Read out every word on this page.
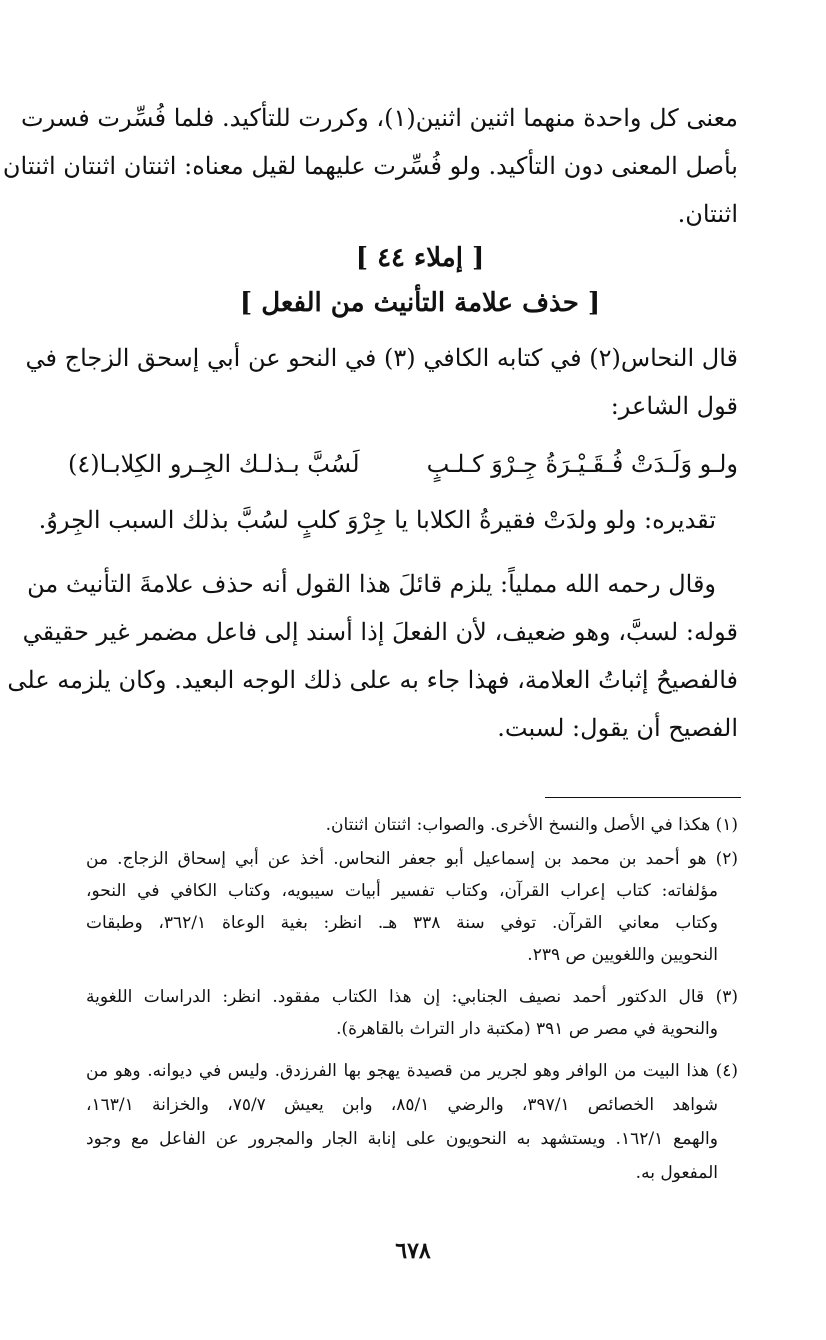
معنى كل واحدة منهما اثنين اثنين(١)، وكررت للتأكيد. فلما فُسِّرت فسرت
بأصل المعنى دون التأكيد. ولو فُسِّرت عليهما لقيل معناه: اثنتان اثنتان اثنتان
اثنتان.
[ إملاء ٤٤ ]
[ حذف علامة التأنيث من الفعل ]
قال النحاس(٢) في كتابه الكافي (٣) في النحو عن أبي إسحق الزجاج في
قول الشاعر:
ولـو وَلَـدَتْ فُـقَـيْـرَةُ جِـرْوَ كـلـبٍ
لَسُبَّ بـذلـك الجِـرو الكِلابـا(٤)
تقديره: ولو ولدَتْ فقيرةُ الكلابا يا جِرْوَ كلبٍ لسُبَّ بذلك السبب الجِروُ.
وقال رحمه الله مملياً: يلزم قائلَ هذا القول أنه حذف علامةَ التأنيث من
قوله: لسبَّ، وهو ضعيف، لأن الفعلَ إذا أسند إلى فاعل مضمر غير حقيقي
فالفصيحُ إثباتُ العلامة، فهذا جاء به على ذلك الوجه البعيد. وكان يلزمه على
الفصيح أن يقول: لسبت.
(١) هكذا في الأصل والنسخ الأخرى. والصواب: اثنتان اثنتان.
(٢) هو أحمد بن محمد بن إسماعيل أبو جعفر النحاس. أخذ عن أبي إسحاق الزجاج. من
مؤلفاته: كتاب إعراب القرآن، وكتاب تفسير أبيات سيبويه، وكتاب الكافي في النحو،
وكتاب معاني القرآن. توفي سنة ٣٣٨ هـ. انظر: بغية الوعاة ٣٦٢/١، وطبقات
النحويين واللغويين ص ٢٣٩.
(٣) قال الدكتور أحمد نصيف الجنابي: إن هذا الكتاب مفقود. انظر: الدراسات اللغوية
والنحوية في مصر ص ٣٩١ (مكتبة دار التراث بالقاهرة).
(٤) هذا البيت من الوافر وهو لجرير من قصيدة يهجو بها الفرزدق. وليس في ديوانه. وهو من
شواهد الخصائص ٣٩٧/١، والرضي ٨٥/١، وابن يعيش ٧٥/٧، والخزانة ١٦٣/١،
والهمع ١٦٢/١. ويستشهد به النحويون على إنابة الجار والمجرور عن الفاعل مع وجود
المفعول به.
٦٧٨
